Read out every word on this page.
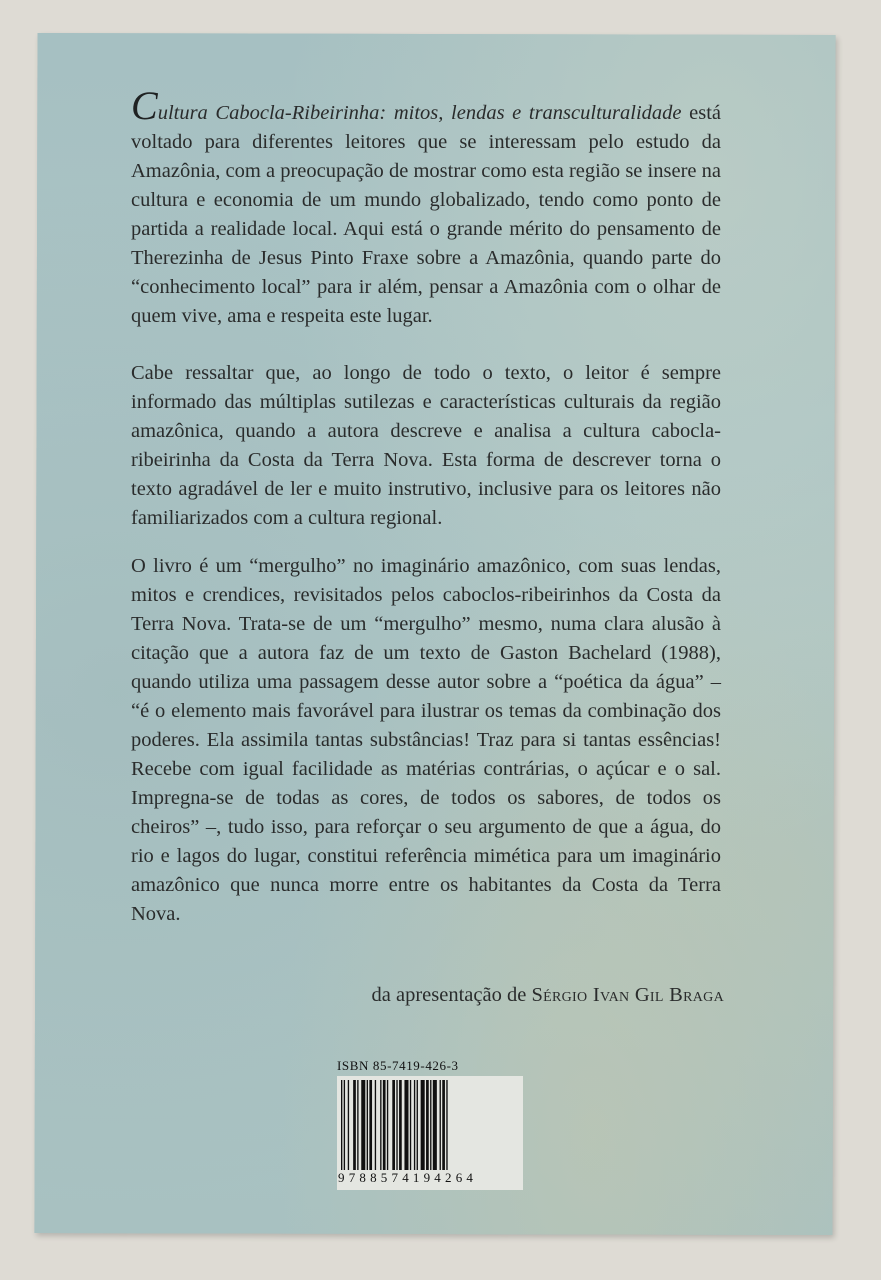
Cultura Cabocla-Ribeirinha: mitos, lendas e transculturalidade está voltado para diferentes leitores que se interessam pelo estudo da Amazônia, com a preocupação de mostrar como esta região se insere na cultura e economia de um mundo globalizado, tendo como ponto de partida a realidade local. Aqui está o grande mérito do pensamento de Therezinha de Jesus Pinto Fraxe sobre a Amazônia, quando parte do “conhecimento local” para ir além, pensar a Amazônia com o olhar de quem vive, ama e respeita este lugar.

Cabe ressaltar que, ao longo de todo o texto, o leitor é sempre informado das múltiplas sutilezas e características culturais da região amazônica, quando a autora descreve e analisa a cultura cabocla-ribeirinha da Costa da Terra Nova. Esta forma de descrever torna o texto agradável de ler e muito instrutivo, inclusive para os leitores não familiarizados com a cultura regional.

O livro é um “mergulho” no imaginário amazônico, com suas lendas, mitos e crendices, revisitados pelos caboclos-ribeirinhos da Costa da Terra Nova. Trata-se de um “mergulho” mesmo, numa clara alusão à citação que a autora faz de um texto de Gaston Bachelard (1988), quando utiliza uma passagem desse autor sobre a “poética da água” – “é o elemento mais favorável para ilustrar os temas da combinação dos poderes. Ela assimila tantas substâncias! Traz para si tantas essências! Recebe com igual facilidade as matérias contrárias, o açúcar e o sal. Impregna-se de todas as cores, de todos os sabores, de todos os cheiros” –, tudo isso, para reforçar o seu argumento de que a água, do rio e lagos do lugar, constitui referência mimética para um imaginário amazônico que nunca morre entre os habitantes da Costa da Terra Nova.

da apresentação de Sérgio Ivan Gil Braga

ISBN 85-7419-426-3
9788574194264
